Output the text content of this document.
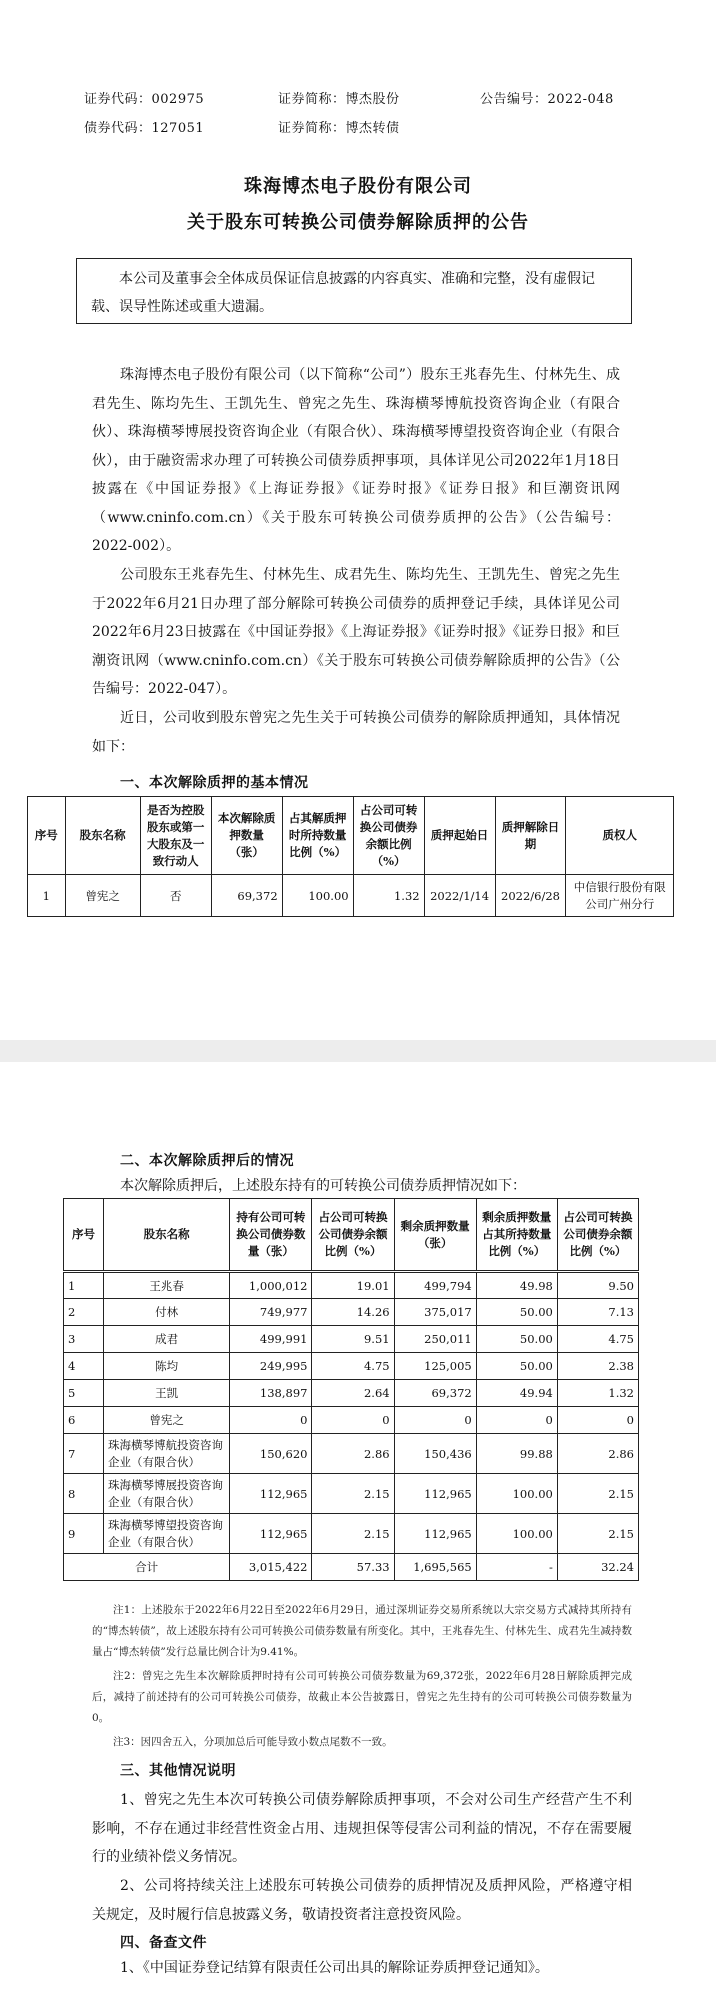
证券代码：002975	证券简称：博杰股份	公告编号：2022-048
债券代码：127051	证券简称：博杰转债
珠海博杰电子股份有限公司
关于股东可转换公司债券解除质押的公告
本公司及董事会全体成员保证信息披露的内容真实、准确和完整，没有虚假记载、误导性陈述或重大遗漏。
珠海博杰电子股份有限公司（以下简称“公司”）股东王兆春先生、付林先生、成君先生、陈均先生、王凯先生、曾宪之先生、珠海横琴博航投资咨询企业（有限合伙）、珠海横琴博展投资咨询企业（有限合伙）、珠海横琴博望投资咨询企业（有限合伙），由于融资需求办理了可转换公司债券质押事项，具体详见公司2022年1月18日披露在《中国证券报》《上海证券报》《证券时报》《证券日报》和巨潮资讯网（www.cninfo.com.cn）《关于股东可转换公司债券质押的公告》（公告编号：2022-002）。
公司股东王兆春先生、付林先生、成君先生、陈均先生、王凯先生、曾宪之先生于2022年6月21日办理了部分解除可转换公司债券的质押登记手续，具体详见公司2022年6月23日披露在《中国证券报》《上海证券报》《证券时报》《证券日报》和巨潮资讯网（www.cninfo.com.cn）《关于股东可转换公司债券解除质押的公告》（公告编号：2022-047）。
近日，公司收到股东曾宪之先生关于可转换公司债券的解除质押通知，具体情况如下：
一、本次解除质押的基本情况
序号	股东名称	是否为控股股东或第一大股东及一致行动人	本次解除质押数量（张）	占其解质押时所持数量比例（%）	占公司可转换公司债券余额比例（%）	质押起始日	质押解除日期	质权人
1	曾宪之	否	69,372	100.00	1.32	2022/1/14	2022/6/28	中信银行股份有限公司广州分行
二、本次解除质押后的情况
本次解除质押后，上述股东持有的可转换公司债券质押情况如下：
序号	股东名称	持有公司可转换公司债券数量（张）	占公司可转换公司债券余额比例（%）	剩余质押数量（张）	剩余质押数量占其所持数量比例（%）	占公司可转换公司债券余额比例（%）
1	王兆春	1,000,012	19.01	499,794	49.98	9.50
2	付林	749,977	14.26	375,017	50.00	7.13
3	成君	499,991	9.51	250,011	50.00	4.75
4	陈均	249,995	4.75	125,005	50.00	2.38
5	王凯	138,897	2.64	69,372	49.94	1.32
6	曾宪之	0	0	0	0	0
7	珠海横琴博航投资咨询企业（有限合伙）	150,620	2.86	150,436	99.88	2.86
8	珠海横琴博展投资咨询企业（有限合伙）	112,965	2.15	112,965	100.00	2.15
9	珠海横琴博望投资咨询企业（有限合伙）	112,965	2.15	112,965	100.00	2.15
合计		3,015,422	57.33	1,695,565	-	32.24
注1：上述股东于2022年6月22日至2022年6月29日，通过深圳证券交易所系统以大宗交易方式减持其所持有的“博杰转债”，故上述股东持有公司可转换公司债券数量有所变化。其中，王兆春先生、付林先生、成君先生减持数量占“博杰转债”发行总量比例合计为9.41%。
注2：曾宪之先生本次解除质押时持有公司可转换公司债券数量为69,372张，2022年6月28日解除质押完成后，减持了前述持有的公司可转换公司债券，故截止本公告披露日，曾宪之先生持有的公司可转换公司债券数量为0。
注3：因四舍五入，分项加总后可能导致小数点尾数不一致。
三、其他情况说明
1、曾宪之先生本次可转换公司债券解除质押事项，不会对公司生产经营产生不利影响，不存在通过非经营性资金占用、违规担保等侵害公司利益的情况，不存在需要履行的业绩补偿义务情况。
2、公司将持续关注上述股东可转换公司债券的质押情况及质押风险，严格遵守相关规定，及时履行信息披露义务，敬请投资者注意投资风险。
四、备查文件
1、《中国证券登记结算有限责任公司出具的解除证券质押登记通知》。
